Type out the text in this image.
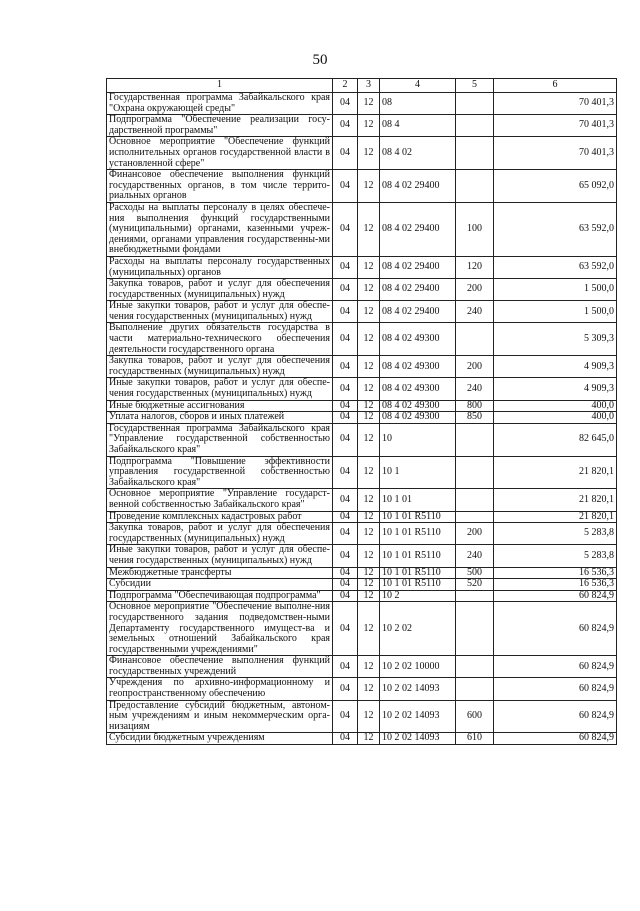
50
1	2	3	4	5	6
Государственная программа Забайкальского края "Охрана окружающей среды"	04	12	08		70 401,3
Подпрограмма "Обеспечение реализации госу-дарственной программы"	04	12	08 4		70 401,3
Основное мероприятие "Обеспечение функций исполнительных органов государственной власти в установленной сфере"	04	12	08 4 02		70 401,3
Финансовое обеспечение выполнения функций государственных органов, в том числе террито-риальных органов	04	12	08 4 02 29400		65 092,0
Расходы на выплаты персоналу в целях обеспече-ния выполнения функций государственными (муниципальными) органами, казенными учреж-дениями, органами управления государственны-ми внебюджетными фондами	04	12	08 4 02 29400	100	63 592,0
Расходы на выплаты персоналу государственных (муниципальных) органов	04	12	08 4 02 29400	120	63 592,0
Закупка товаров, работ и услуг для обеспечения государственных (муниципальных) нужд	04	12	08 4 02 29400	200	1 500,0
Иные закупки товаров, работ и услуг для обеспе-чения государственных (муниципальных) нужд	04	12	08 4 02 29400	240	1 500,0
Выполнение других обязательств государства в части материально-технического обеспечения деятельности государственного органа	04	12	08 4 02 49300		5 309,3
Закупка товаров, работ и услуг для обеспечения государственных (муниципальных) нужд	04	12	08 4 02 49300	200	4 909,3
Иные закупки товаров, работ и услуг для обеспе-чения государственных (муниципальных) нужд	04	12	08 4 02 49300	240	4 909,3
Иные бюджетные ассигнования	04	12	08 4 02 49300	800	400,0
Уплата налогов, сборов и иных платежей	04	12	08 4 02 49300	850	400,0
Государственная программа Забайкальского края "Управление государственной собственностью Забайкальского края"	04	12	10		82 645,0
Подпрограмма "Повышение эффективности управления государственной собственностью Забайкальского края"	04	12	10 1		21 820,1
Основное мероприятие "Управление государст-венной собственностью Забайкальского края"	04	12	10 1 01		21 820,1
Проведение комплексных кадастровых работ	04	12	10 1 01 R5110		21 820,1
Закупка товаров, работ и услуг для обеспечения государственных (муниципальных) нужд	04	12	10 1 01 R5110	200	5 283,8
Иные закупки товаров, работ и услуг для обеспе-чения государственных (муниципальных) нужд	04	12	10 1 01 R5110	240	5 283,8
Межбюджетные трансферты	04	12	10 1 01 R5110	500	16 536,3
Субсидии	04	12	10 1 01 R5110	520	16 536,3
Подпрограмма "Обеспечивающая подпрограмма"	04	12	10 2		60 824,9
Основное мероприятие "Обеспечение выполне-ния государственного задания подведомствен-ными Департаменту государственного имущест-ва и земельных отношений Забайкальского края государственными учреждениями"	04	12	10 2 02		60 824,9
Финансовое обеспечение выполнения функций государственных учреждений	04	12	10 2 02 10000		60 824,9
Учреждения по архивно-информационному и геопространственному обеспечению	04	12	10 2 02 14093		60 824,9
Предоставление субсидий бюджетным, автоном-ным учреждениям и иным некоммерческим орга-низациям	04	12	10 2 02 14093	600	60 824,9
Субсидии бюджетным учреждениям	04	12	10 2 02 14093	610	60 824,9
